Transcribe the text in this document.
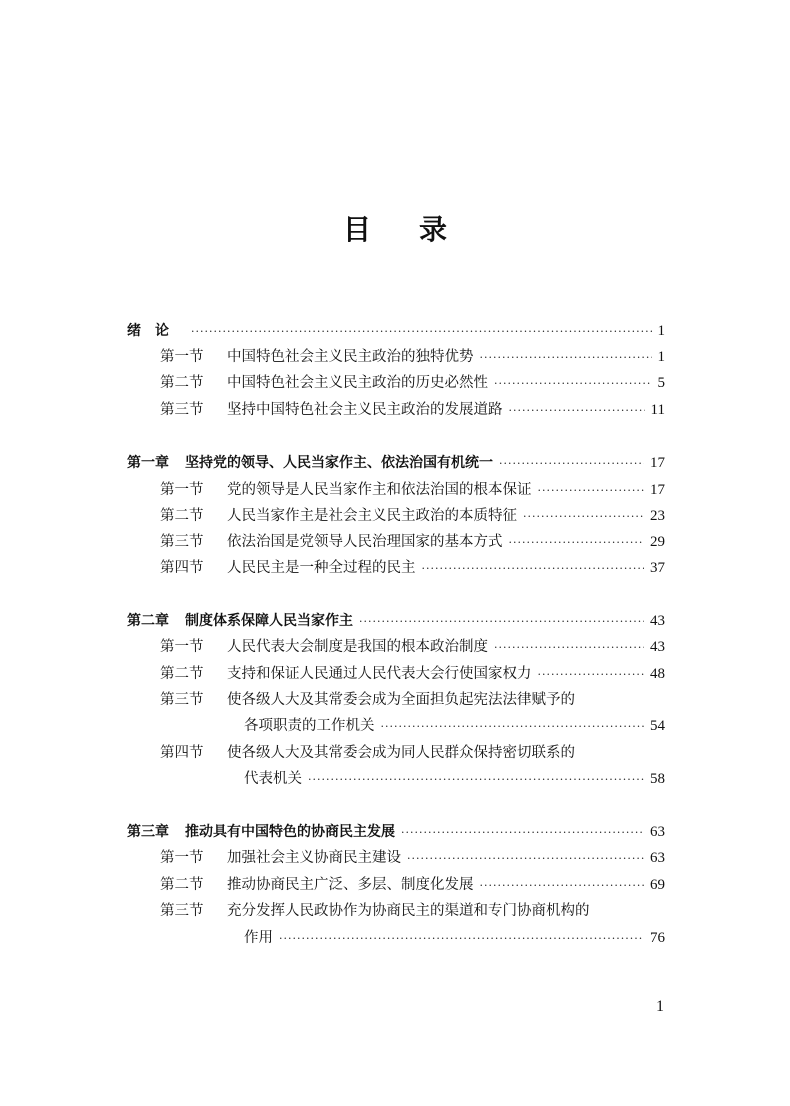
目 录
绪　论 ·····	1
第一节	中国特色社会主义民主政治的独特优势 ·····	1
第二节	中国特色社会主义民主政治的历史必然性 ·····	5
第三节	坚持中国特色社会主义民主政治的发展道路 ·····	11
第一章	坚持党的领导、人民当家作主、依法治国有机统一 ·····	17
第一节	党的领导是人民当家作主和依法治国的根本保证 ·····	17
第二节	人民当家作主是社会主义民主政治的本质特征 ·····	23
第三节	依法治国是党领导人民治理国家的基本方式 ·····	29
第四节	人民民主是一种全过程的民主 ·····	37
第二章	制度体系保障人民当家作主 ·····	43
第一节	人民代表大会制度是我国的根本政治制度 ·····	43
第二节	支持和保证人民通过人民代表大会行使国家权力 ·····	48
第三节	使各级人大及其常委会成为全面担负起宪法法律赋予的
各项职责的工作机关 ·····	54
第四节	使各级人大及其常委会成为同人民群众保持密切联系的
代表机关 ·····	58
第三章	推动具有中国特色的协商民主发展 ·····	63
第一节	加强社会主义协商民主建设 ·····	63
第二节	推动协商民主广泛、多层、制度化发展 ·····	69
第三节	充分发挥人民政协作为协商民主的渠道和专门协商机构的
作用 ·····	76
1
